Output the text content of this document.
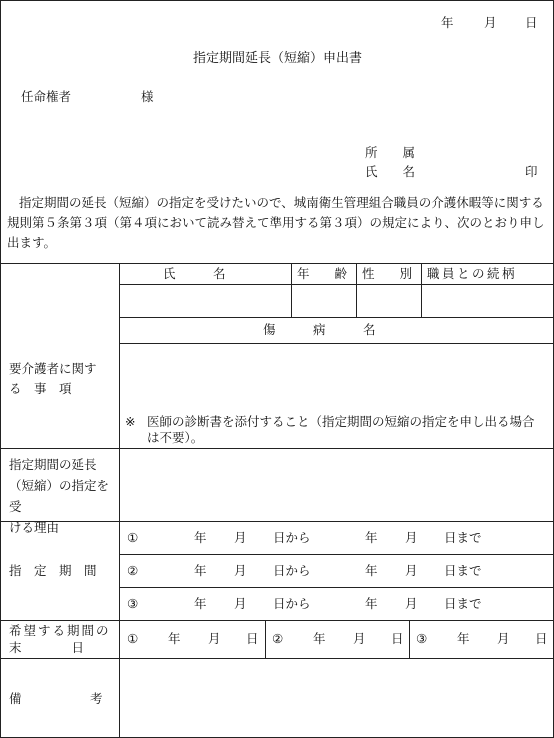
年 月 日
指定期間延長（短縮）申出書
任命権者	様
所　　属
氏　　名	印
指定期間の延長（短縮）の指定を受けたいので、城南衛生管理組合職員の介護休暇等に関する規則第５条第３項（第４項において読み替えて準用する第３項）の規定により、次のとおり申し出ます。
要介護者に関す
る　事　項
氏　　　名	年　　齢 性　　別 職員との続柄
傷　　　病　　　名
※ 医師の診断書を添付すること（指定期間の短縮の指定を申し出る場合
は不要）。
指定期間の延長
（短縮）の指定を受
ける理由
指　定　期　間
①	年 月 日から	年 月 日まで
②	年 月 日から	年 月 日まで
③	年 月 日から	年 月 日まで
希望する期間の
末　　　　日
① 年 月 日 ② 年 月 日 ③ 年 月 日
備　　　　　考
